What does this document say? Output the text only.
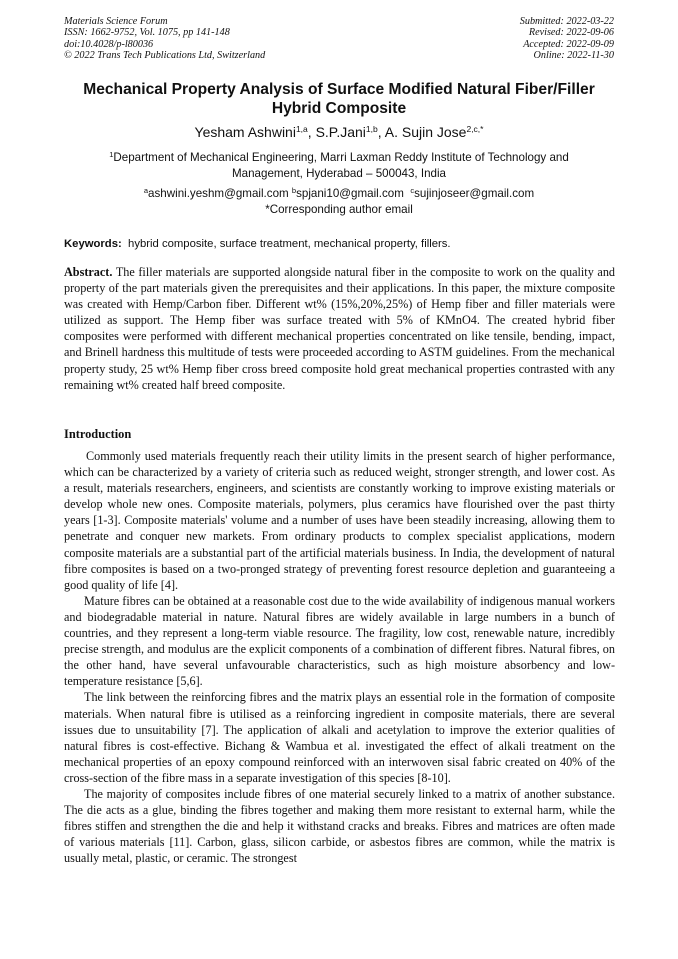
Materials Science Forum
ISSN: 1662-9752, Vol. 1075, pp 141-148
doi:10.4028/p-l80036
© 2022 Trans Tech Publications Ltd, Switzerland
Submitted: 2022-03-22
Revised: 2022-09-06
Accepted: 2022-09-09
Online: 2022-11-30
Mechanical Property Analysis of Surface Modified Natural Fiber/Filler
Hybrid Composite
Yesham Ashwini$^{1,a}$, S.P.Jani$^{1,b}$, A. Sujin Jose$^{2,c,*}$
$^1$Department of Mechanical Engineering, Marri Laxman Reddy Institute of Technology and
Management, Hyderabad – 500043, India
$^a$ashwini.yeshm@gmail.com $^b$spjani10@gmail.com $^c$sujinjoseer@gmail.com
*Corresponding author email
Keywords: hybrid composite, surface treatment, mechanical property, fillers.

Abstract. The filler materials are supported alongside natural fiber in the composite to work on the quality and property of the part materials given the prerequisites and their applications. In this paper, the mixture composite was created with Hemp/Carbon fiber. Different wt% (15%,20%,25%) of Hemp fiber and filler materials were utilized as support. The Hemp fiber was surface treated with 5% of KMnO4. The created hybrid fiber composites were performed with different mechanical properties concentrated on like tensile, bending, impact, and Brinell hardness this multitude of tests were proceeded according to ASTM guidelines. From the mechanical property study, 25 wt% Hemp fiber cross breed composite hold great mechanical properties contrasted with any remaining wt% created half breed composite.

Introduction

Commonly used materials frequently reach their utility limits in the present search of higher performance, which can be characterized by a variety of criteria such as reduced weight, stronger strength, and lower cost. As a result, materials researchers, engineers, and scientists are constantly working to improve existing materials or develop whole new ones. Composite materials, polymers, plus ceramics have flourished over the past thirty years [1-3]. Composite materials' volume and a number of uses have been steadily increasing, allowing them to penetrate and conquer new markets. From ordinary products to complex specialist applications, modern composite materials are a substantial part of the artificial materials business. In India, the development of natural fibre composites is based on a two-pronged strategy of preventing forest resource depletion and guaranteeing a good quality of life [4].

Mature fibres can be obtained at a reasonable cost due to the wide availability of indigenous manual workers and biodegradable material in nature. Natural fibres are widely available in large numbers in a bunch of countries, and they represent a long-term viable resource. The fragility, low cost, renewable nature, incredibly precise strength, and modulus are the explicit components of a combination of different fibres. Natural fibres, on the other hand, have several unfavourable characteristics, such as high moisture absorbency and low-temperature resistance [5,6].

The link between the reinforcing fibres and the matrix plays an essential role in the formation of composite materials. When natural fibre is utilised as a reinforcing ingredient in composite materials, there are several issues due to unsuitability [7]. The application of alkali and acetylation to improve the exterior qualities of natural fibres is cost-effective. Bichang & Wambua et al. investigated the effect of alkali treatment on the mechanical properties of an epoxy compound reinforced with an interwoven sisal fabric created on 40% of the cross-section of the fibre mass in a separate investigation of this species [8-10].

The majority of composites include fibres of one material securely linked to a matrix of another substance. The die acts as a glue, binding the fibres together and making them more resistant to external harm, while the fibres stiffen and strengthen the die and help it withstand cracks and breaks. Fibres and matrices are often made of various materials [11]. Carbon, glass, silicon carbide, or asbestos fibres are common, while the matrix is usually metal, plastic, or ceramic. The strongest
